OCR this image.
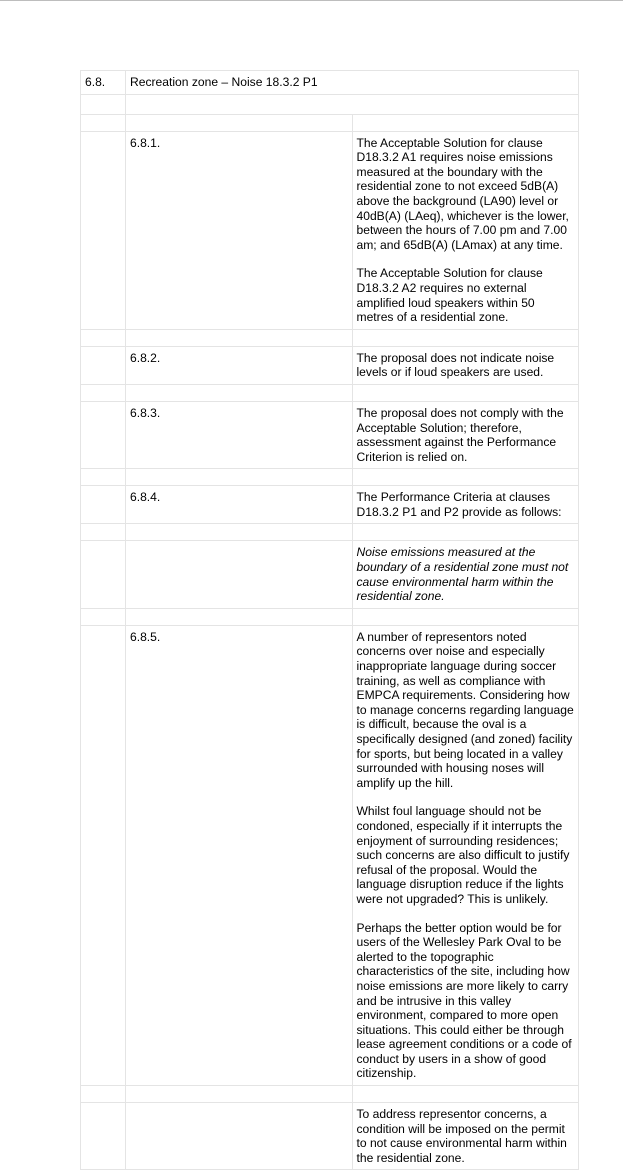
6.8.	Recreation zone – Noise 18.3.2 P1	

	6.8.1.	The Acceptable Solution for clause D18.3.2 A1 requires noise emissions measured at the boundary with the residential zone to not exceed 5dB(A) above the background (LA90) level or 40dB(A) (LAeq), whichever is the lower, between the hours of 7.00 pm and 7.00 am; and 65dB(A) (LAmax) at any time.

The Acceptable Solution for clause D18.3.2 A2 requires no external amplified loud speakers within 50 metres of a residential zone.

	6.8.2.	The proposal does not indicate noise levels or if loud speakers are used.

	6.8.3.	The proposal does not comply with the Acceptable Solution; therefore, assessment against the Performance Criterion is relied on.

	6.8.4.	The Performance Criteria at clauses D18.3.2 P1 and P2 provide as follows:

		Noise emissions measured at the boundary of a residential zone must not cause environmental harm within the residential zone.

	6.8.5.	A number of representors noted concerns over noise and especially inappropriate language during soccer training, as well as compliance with EMPCA requirements. Considering how to manage concerns regarding language is difficult, because the oval is a specifically designed (and zoned) facility for sports, but being located in a valley surrounded with housing noses will amplify up the hill.

Whilst foul language should not be condoned, especially if it interrupts the enjoyment of surrounding residences; such concerns are also difficult to justify refusal of the proposal. Would the language disruption reduce if the lights were not upgraded? This is unlikely.

Perhaps the better option would be for users of the Wellesley Park Oval to be alerted to the topographic characteristics of the site, including how noise emissions are more likely to carry and be intrusive in this valley environment, compared to more open situations. This could either be through lease agreement conditions or a code of conduct by users in a show of good citizenship.

		To address representor concerns, a condition will be imposed on the permit to not cause environmental harm within the residential zone.
